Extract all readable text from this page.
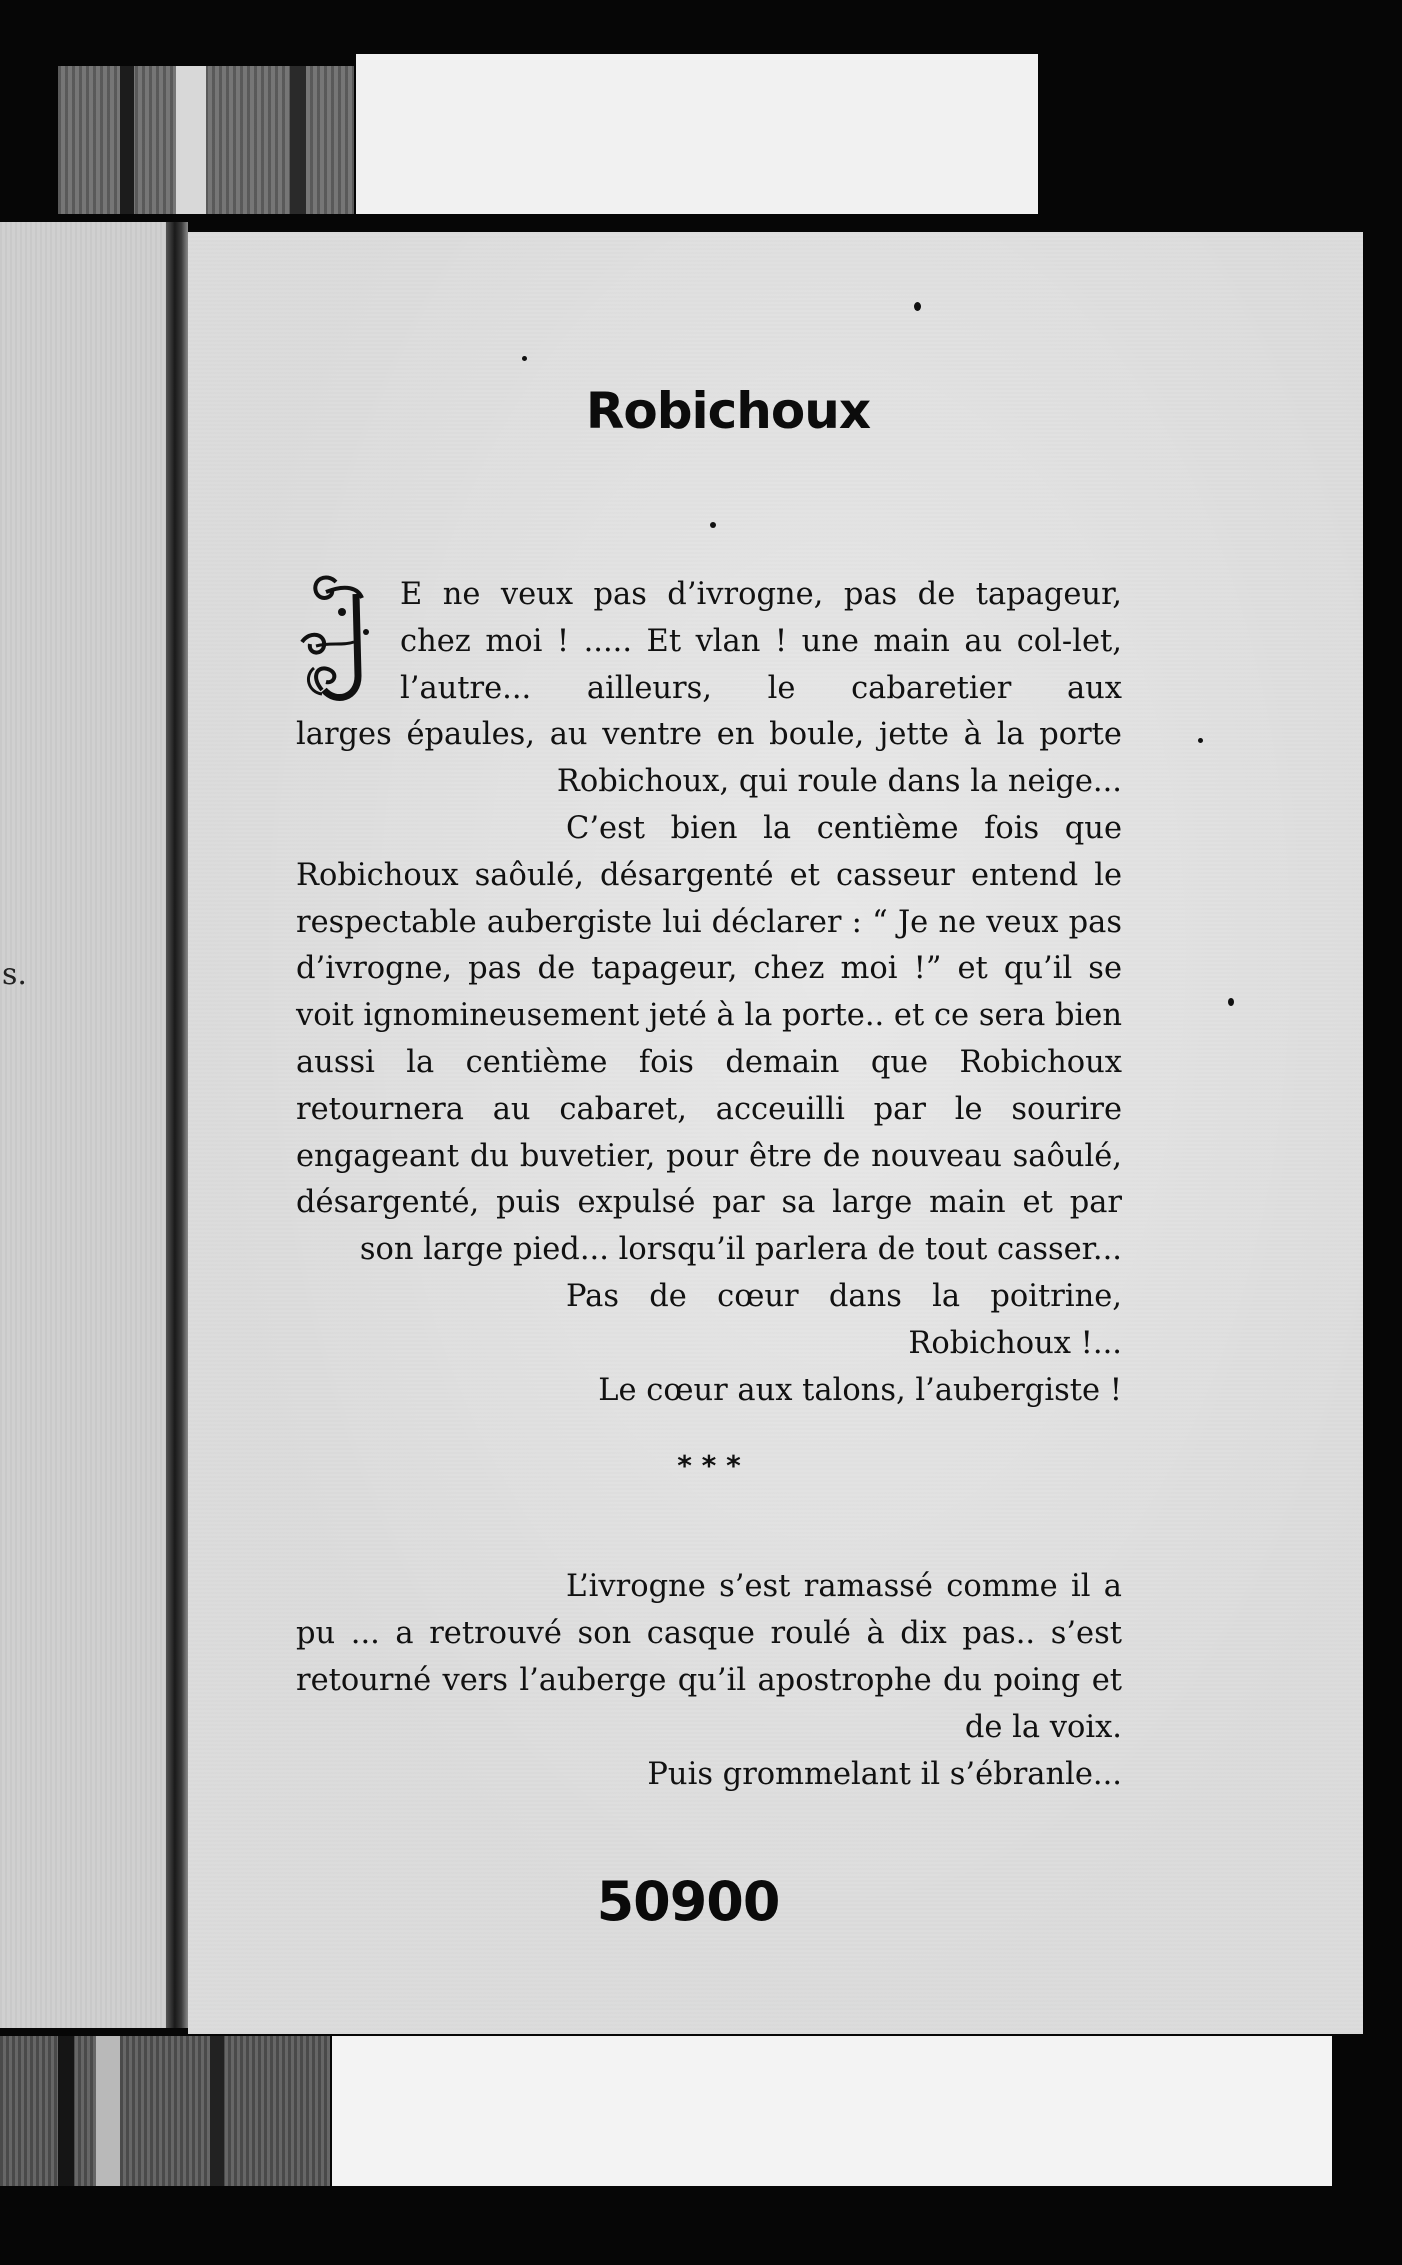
s.
Robichoux

E ne veux pas d’ivrogne, pas de tapageur, chez moi ! ..... Et vlan ! une main au col-let, l’autre... ailleurs, le cabaretier aux
larges épaules, au ventre en boule, jette à la porte Robichoux, qui roule dans la neige...

C’est bien la centième fois que Robichoux saôulé, désargenté et casseur entend le respectable aubergiste lui déclarer : “ Je ne veux pas d’ivrogne, pas de tapageur, chez moi !” et qu’il se voit ignomineusement jeté à la porte.. et ce sera bien aussi la centième fois demain que Robichoux retournera au cabaret, acceuilli par le sourire engageant du buvetier, pour être de nouveau saôulé, désargenté, puis expulsé par sa large main et par son large pied... lorsqu’il parlera de tout casser...

Pas de cœur dans la poitrine, Robichoux !...

Le cœur aux talons, l’aubergiste !

* * *

L’ivrogne s’est ramassé comme il a pu ... a retrouvé son casque roulé à dix pas.. s’est retourné vers l’auberge qu’il apostrophe du poing et de la voix.

Puis grommelant il s’ébranle...

50900
